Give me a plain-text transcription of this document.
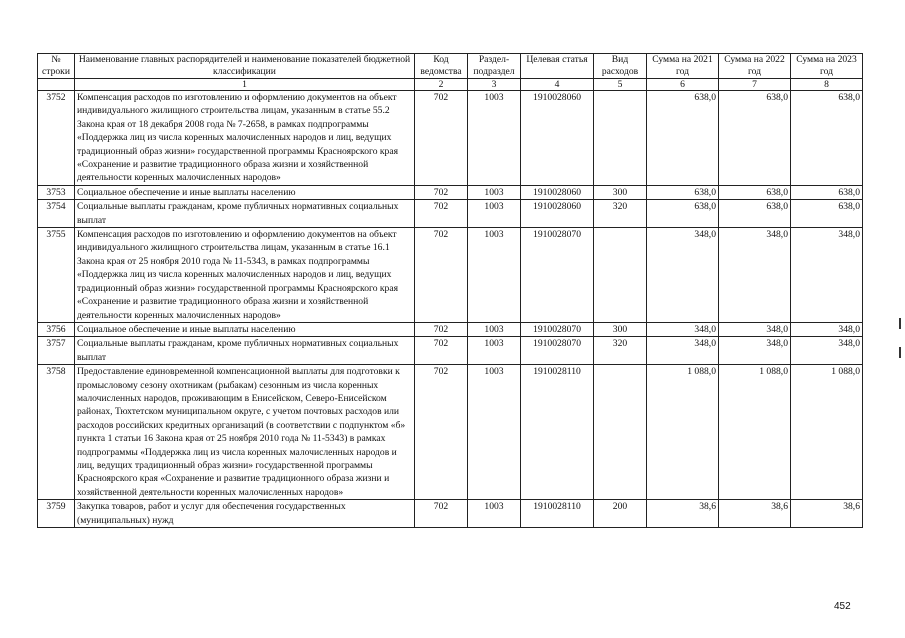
№ строки	Наименование главных распорядителей и наименование показателей бюджетной классификации	Код ведомства	Раздел-подраздел	Целевая статья	Вид расходов	Сумма на 2021 год	Сумма на 2022 год	Сумма на 2023 год
	1	2	3	4	5	6	7	8
3752	Компенсация расходов по изготовлению и оформлению документов на объект индивидуального жилищного строительства лицам, указанным в статье 55.2 Закона края от 18 декабря 2008 года № 7-2658, в рамках подпрограммы «Поддержка лиц из числа коренных малочисленных народов и лиц, ведущих традиционный образ жизни» государственной программы Красноярского края «Сохранение и развитие традиционного образа жизни и хозяйственной деятельности коренных малочисленных народов»	702	1003	1910028060		638,0	638,0	638,0
3753	Социальное обеспечение и иные выплаты населению	702	1003	1910028060	300	638,0	638,0	638,0
3754	Социальные выплаты гражданам, кроме публичных нормативных социальных выплат	702	1003	1910028060	320	638,0	638,0	638,0
3755	Компенсация расходов по изготовлению и оформлению документов на объект индивидуального жилищного строительства лицам, указанным в статье 16.1 Закона края от 25 ноября 2010 года № 11-5343, в рамках подпрограммы «Поддержка лиц из числа коренных малочисленных народов и лиц, ведущих традиционный образ жизни» государственной программы Красноярского края «Сохранение и развитие традиционного образа жизни и хозяйственной деятельности коренных малочисленных народов»	702	1003	1910028070		348,0	348,0	348,0
3756	Социальное обеспечение и иные выплаты населению	702	1003	1910028070	300	348,0	348,0	348,0
3757	Социальные выплаты гражданам, кроме публичных нормативных социальных выплат	702	1003	1910028070	320	348,0	348,0	348,0
3758	Предоставление единовременной компенсационной выплаты для подготовки к промысловому сезону охотникам (рыбакам) сезонным из числа коренных малочисленных народов, проживающим в Енисейском, Северо-Енисейском районах, Тюхтетском муниципальном округе, с учетом почтовых расходов или расходов российских кредитных организаций (в соответствии с подпунктом «б» пункта 1 статьи 16 Закона края от 25 ноября 2010 года № 11-5343) в рамках подпрограммы «Поддержка лиц из числа коренных малочисленных народов и лиц, ведущих традиционный образ жизни» государственной программы Красноярского края «Сохранение и развитие традиционного образа жизни и хозяйственной деятельности коренных малочисленных народов»	702	1003	1910028110		1 088,0	1 088,0	1 088,0
3759	Закупка товаров, работ и услуг для обеспечения государственных (муниципальных) нужд	702	1003	1910028110	200	38,6	38,6	38,6
452
